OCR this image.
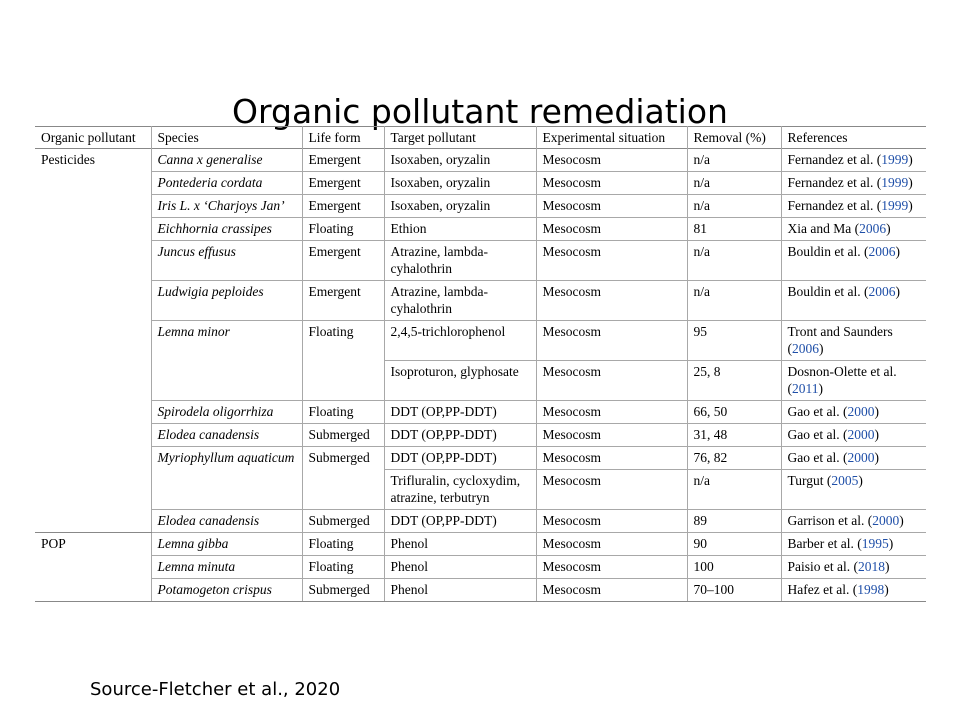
Organic pollutant remediation
Organic pollutant	Species	Life form	Target pollutant	Experimental situation	Removal (%)	References
Pesticides	Canna x generalise	Emergent	Isoxaben, oryzalin	Mesocosm	n/a	Fernandez et al. (1999)
	Pontederia cordata	Emergent	Isoxaben, oryzalin	Mesocosm	n/a	Fernandez et al. (1999)
	Iris L. x ‘Charjoys Jan’	Emergent	Isoxaben, oryzalin	Mesocosm	n/a	Fernandez et al. (1999)
	Eichhornia crassipes	Floating	Ethion	Mesocosm	81	Xia and Ma (2006)
	Juncus effusus	Emergent	Atrazine, lambda-cyhalothrin	Mesocosm	n/a	Bouldin et al. (2006)
	Ludwigia peploides	Emergent	Atrazine, lambda-cyhalothrin	Mesocosm	n/a	Bouldin et al. (2006)
	Lemna minor	Floating	2,4,5-trichlorophenol	Mesocosm	95	Tront and Saunders (2006)
			Isoproturon, glyphosate	Mesocosm	25, 8	Dosnon-Olette et al. (2011)
	Spirodela oligorrhiza	Floating	DDT (OP,PP-DDT)	Mesocosm	66, 50	Gao et al. (2000)
	Elodea canadensis	Submerged	DDT (OP,PP-DDT)	Mesocosm	31, 48	Gao et al. (2000)
	Myriophyllum aquaticum	Submerged	DDT (OP,PP-DDT)	Mesocosm	76, 82	Gao et al. (2000)
			Trifluralin, cycloxydim, atrazine, terbutryn	Mesocosm	n/a	Turgut (2005)
	Elodea canadensis	Submerged	DDT (OP,PP-DDT)	Mesocosm	89	Garrison et al. (2000)
POP	Lemna gibba	Floating	Phenol	Mesocosm	90	Barber et al. (1995)
	Lemna minuta	Floating	Phenol	Mesocosm	100	Paisio et al. (2018)
	Potamogeton crispus	Submerged	Phenol	Mesocosm	70–100	Hafez et al. (1998)
Source-Fletcher et al., 2020
